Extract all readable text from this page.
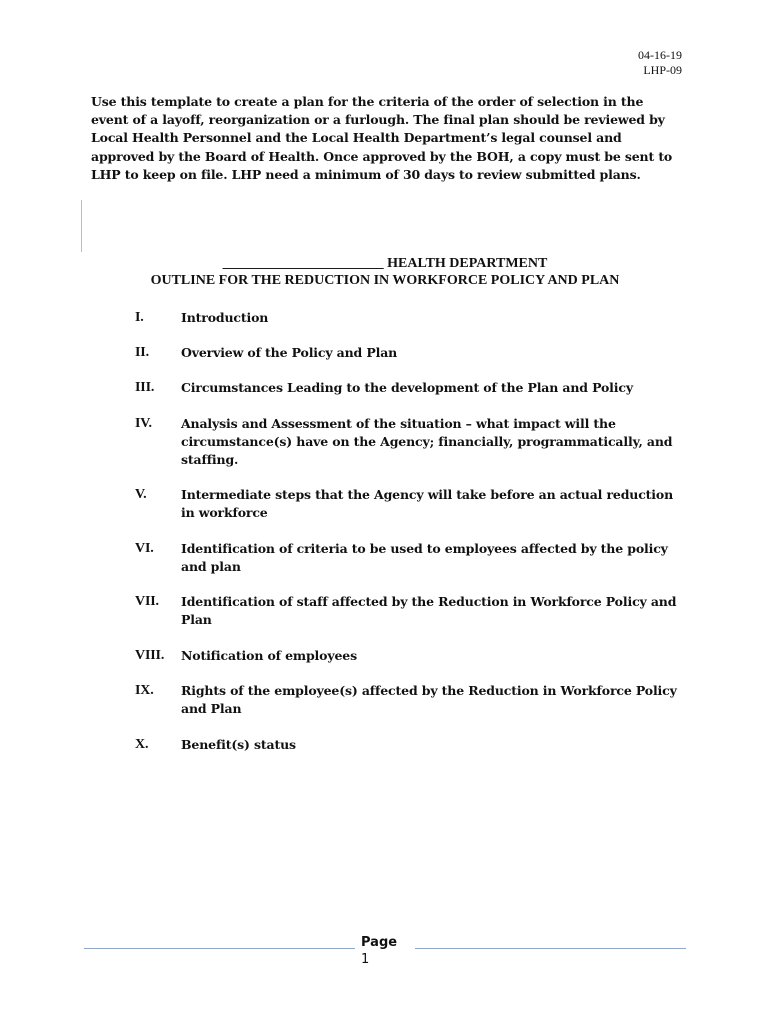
04-16-19
LHP-09

Use this template to create a plan for the criteria of the order of selection in the event of a layoff, reorganization or a furlough. The final plan should be reviewed by Local Health Personnel and the Local Health Department’s legal counsel and approved by the Board of Health. Once approved by the BOH, a copy must be sent to LHP to keep on file. LHP need a minimum of 30 days to review submitted plans.

_______________________ HEALTH DEPARTMENT
OUTLINE FOR THE REDUCTION IN WORKFORCE POLICY AND PLAN
I.	Introduction
II.	Overview of the Policy and Plan
III. Circumstances Leading to the development of the Plan and Policy
IV. Analysis and Assessment of the situation – what impact will the circumstance(s) have on the Agency; financially, programmatically, and staffing.
V.	Intermediate steps that the Agency will take before an actual reduction in workforce
VI. Identification of criteria to be used to employees affected by the policy and plan
VII. Identification of staff affected by the Reduction in Workforce Policy and Plan
VIII. Notification of employees
IX. Rights of the employee(s) affected by the Reduction in Workforce Policy and Plan
X.	Benefit(s) status
Page
1
